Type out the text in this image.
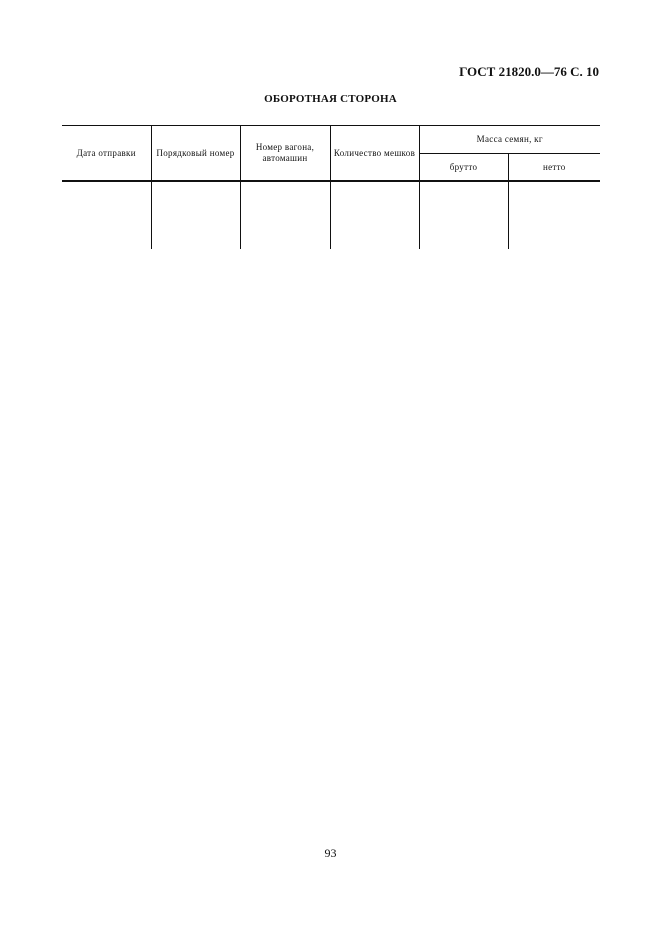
ГОСТ 21820.0—76 С. 10
ОБОРОТНАЯ СТОРОНА
Дата отправки	Порядковый номер	Номер вагона, автомашин	Количество мешков	Масса семян, кг	
				брутто	нетто

93
